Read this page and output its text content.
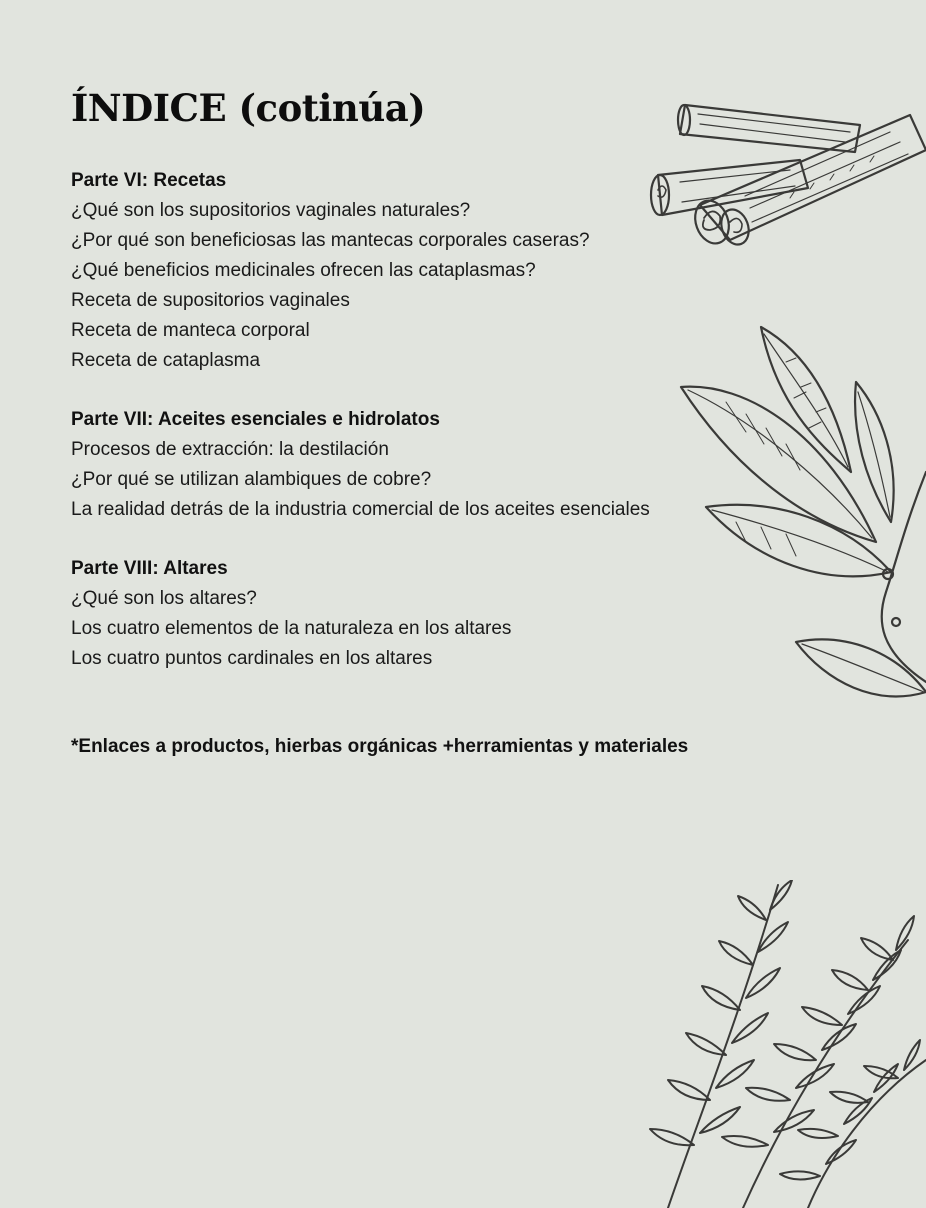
ÍNDICE (cotinúa)

Parte VI: Recetas

¿Qué son los supositorios vaginales naturales?
¿Por qué son beneficiosas las mantecas corporales caseras?
¿Qué beneficios medicinales ofrecen las cataplasmas?
Receta de supositorios vaginales
Receta de manteca corporal
Receta de cataplasma

Parte VII: Aceites esenciales e hidrolatos

Procesos de extracción: la destilación
¿Por qué se utilizan alambiques de cobre?
La realidad detrás de la industria comercial de los aceites esenciales

Parte VIII: Altares

¿Qué son los altares?
Los cuatro elementos de la naturaleza en los altares
Los cuatro puntos cardinales en los altares

*Enlaces a productos, hierbas orgánicas +herramientas y materiales
